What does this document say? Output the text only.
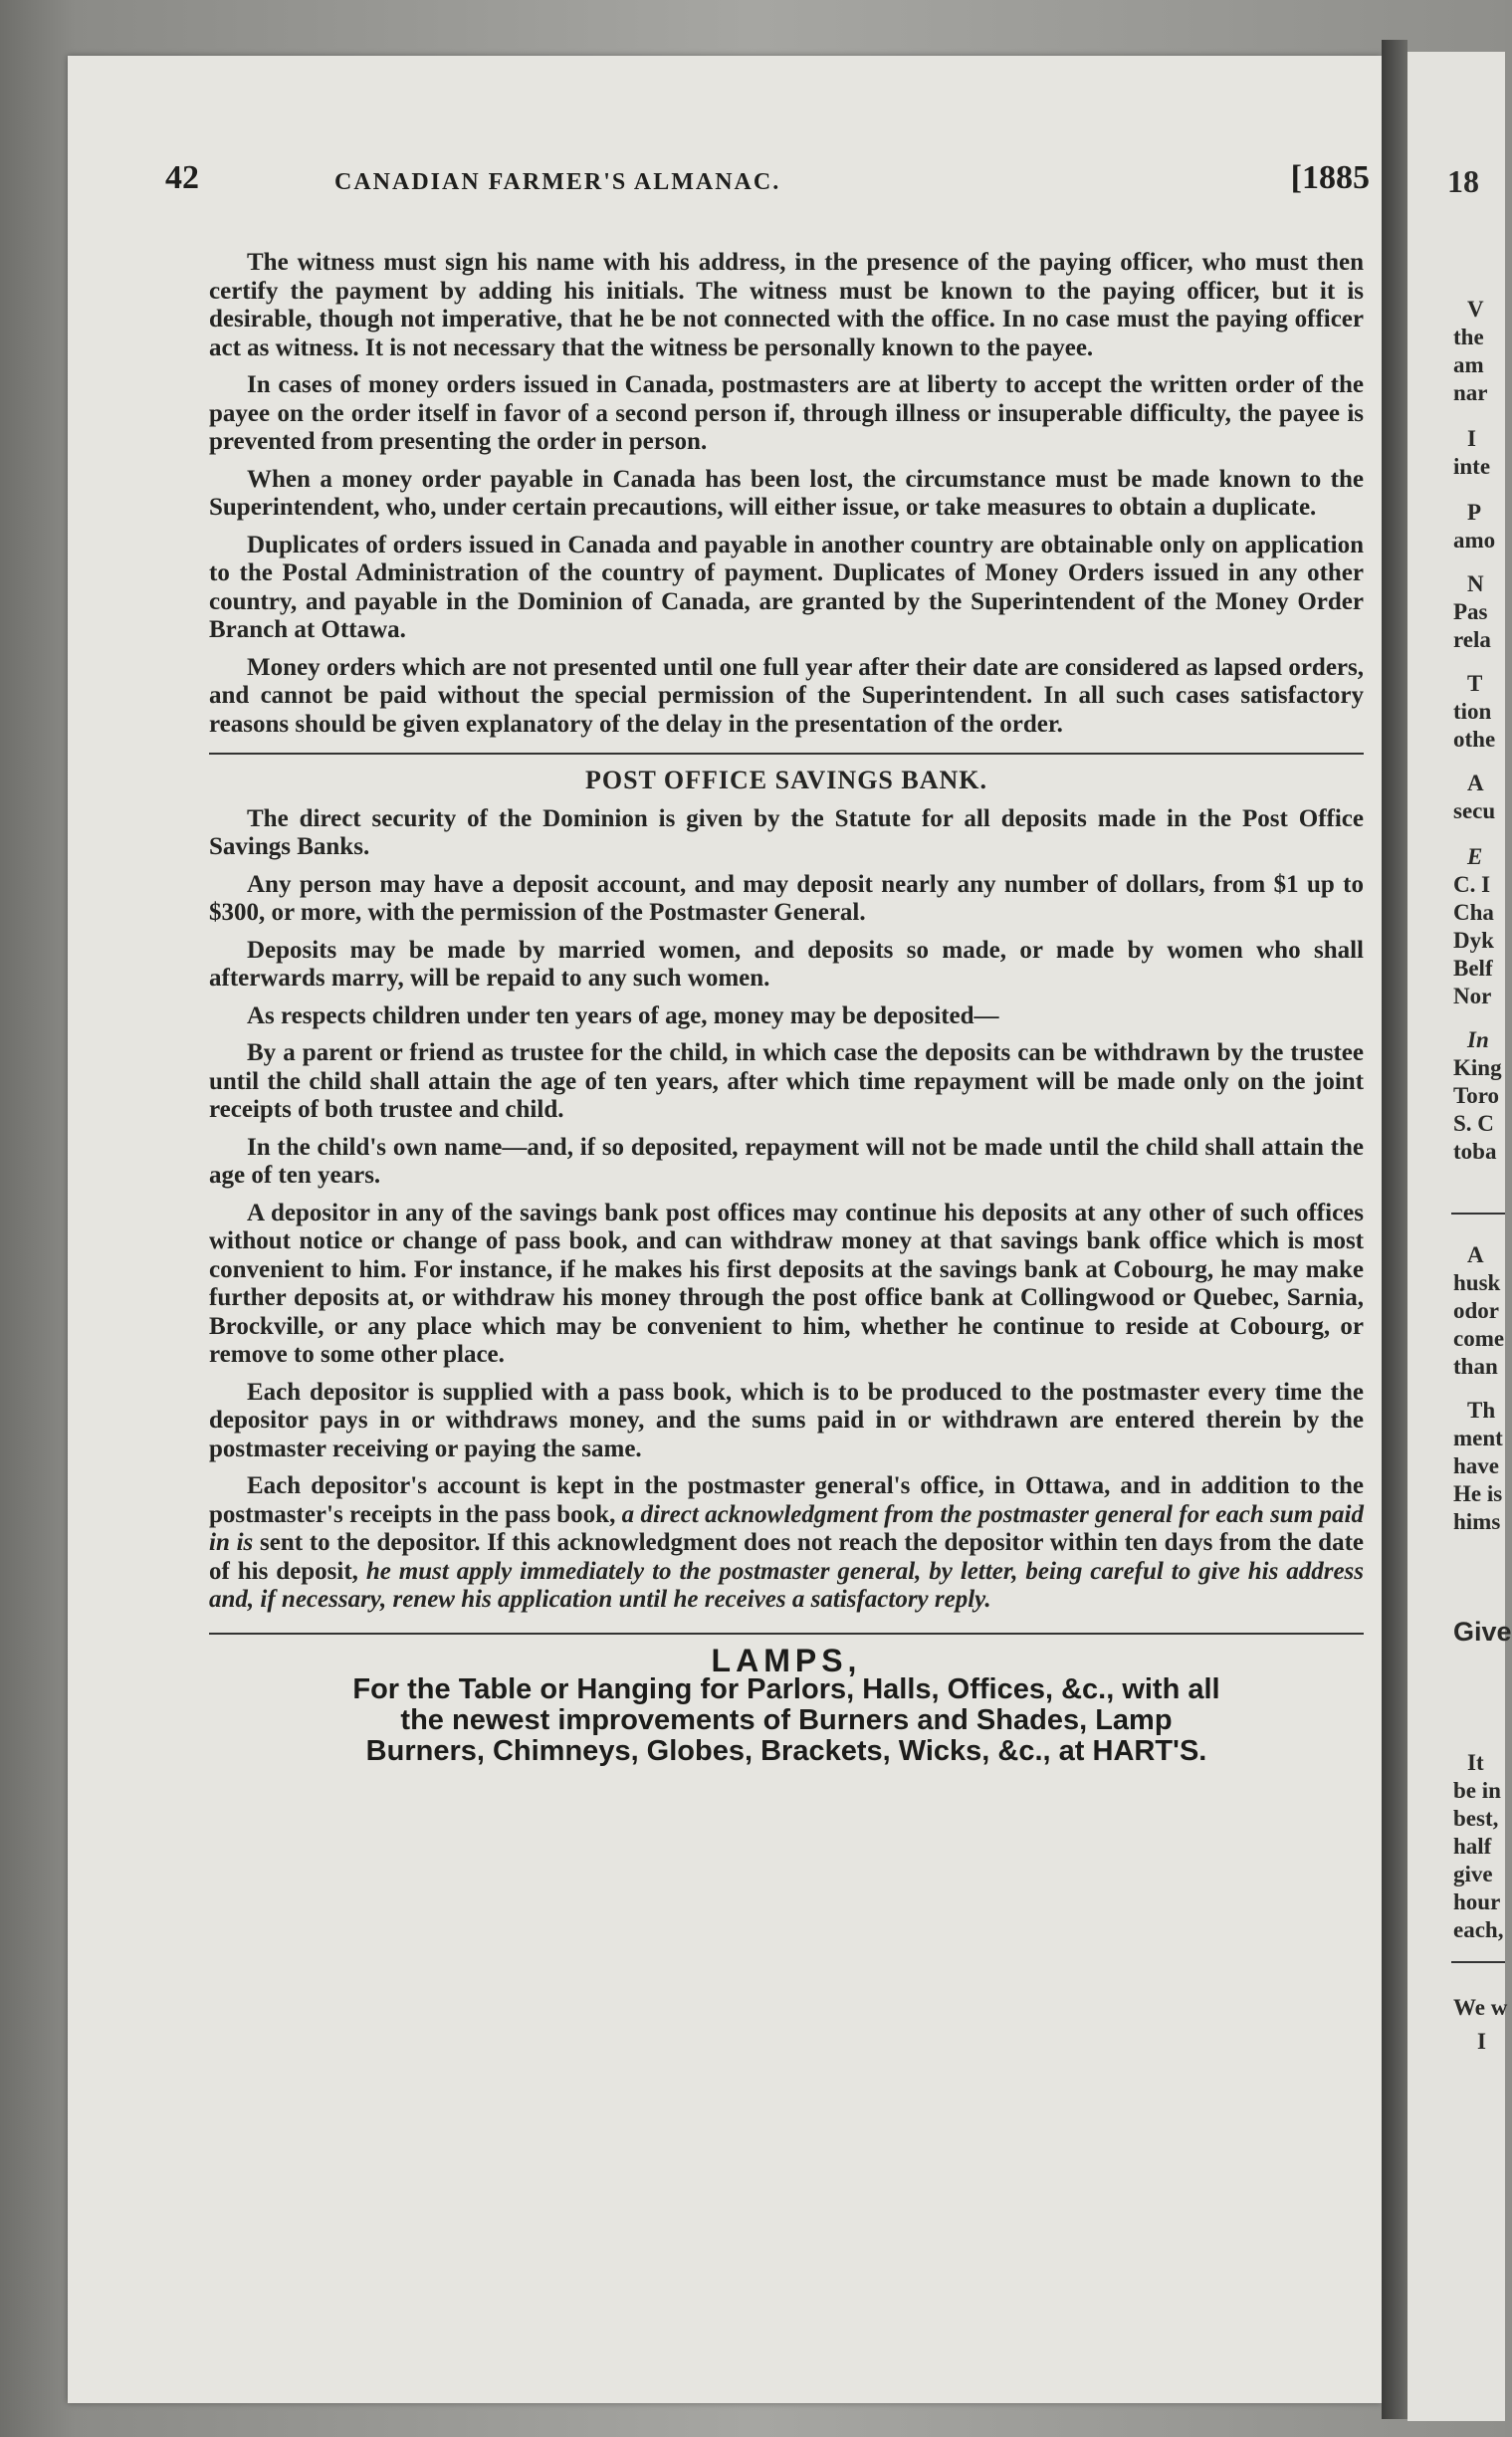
18
V
the
am
nar
I
inte
P
amo
N
Pas
rela
T
tion
othe
A
secu
E
C. I
Cha
Dyk
Belf
Nor
In
King
Toro
S. C
toba
A
husk
odor
come
than
Th
ment
have
He is
hims
Give
It
be in
best,
half
give
hour
each,
We w
I
42	CANADIAN FARMER'S ALMANAC.	[1885

The witness must sign his name with his address, in the presence of the paying officer, who must then certify the payment by adding his initials. The witness must be known to the paying officer, but it is desirable, though not imperative, that he be not connected with the office. In no case must the paying officer act as witness. It is not necessary that the witness be personally known to the payee.

In cases of money orders issued in Canada, postmasters are at liberty to accept the written order of the payee on the order itself in favor of a second person if, through illness or insuperable difficulty, the payee is prevented from presenting the order in person.

When a money order payable in Canada has been lost, the circumstance must be made known to the Superintendent, who, under certain precautions, will either issue, or take measures to obtain a duplicate.

Duplicates of orders issued in Canada and payable in another country are obtainable only on application to the Postal Administration of the country of payment. Duplicates of Money Orders issued in any other country, and payable in the Dominion of Canada, are granted by the Superintendent of the Money Order Branch at Ottawa.

Money orders which are not presented until one full year after their date are considered as lapsed orders, and cannot be paid without the special permission of the Superintendent. In all such cases satisfactory reasons should be given explanatory of the delay in the presentation of the order.

POST OFFICE SAVINGS BANK.

The direct security of the Dominion is given by the Statute for all deposits made in the Post Office Savings Banks.

Any person may have a deposit account, and may deposit nearly any number of dollars, from $1 up to $300, or more, with the permission of the Postmaster General.

Deposits may be made by married women, and deposits so made, or made by women who shall afterwards marry, will be repaid to any such women.

As respects children under ten years of age, money may be deposited—

By a parent or friend as trustee for the child, in which case the deposits can be withdrawn by the trustee until the child shall attain the age of ten years, after which time repayment will be made only on the joint receipts of both trustee and child.

In the child's own name—and, if so deposited, repayment will not be made until the child shall attain the age of ten years.

A depositor in any of the savings bank post offices may continue his deposits at any other of such offices without notice or change of pass book, and can withdraw money at that savings bank office which is most convenient to him. For instance, if he makes his first deposits at the savings bank at Cobourg, he may make further deposits at, or withdraw his money through the post office bank at Collingwood or Quebec, Sarnia, Brockville, or any place which may be convenient to him, whether he continue to reside at Cobourg, or remove to some other place.

Each depositor is supplied with a pass book, which is to be produced to the postmaster every time the depositor pays in or withdraws money, and the sums paid in or withdrawn are entered therein by the postmaster receiving or paying the same.

Each depositor's account is kept in the postmaster general's office, in Ottawa, and in addition to the postmaster's receipts in the pass book, a direct acknowledgment from the postmaster general for each sum paid in is sent to the depositor. If this acknowledgment does not reach the depositor within ten days from the date of his deposit, he must apply immediately to the postmaster general, by letter, being careful to give his address and, if necessary, renew his application until he receives a satisfactory reply.

LAMPS,
For the Table or Hanging for Parlors, Halls, Offices, &c., with all
the newest improvements of Burners and Shades, Lamp
Burners, Chimneys, Globes, Brackets, Wicks, &c., at HART'S.
